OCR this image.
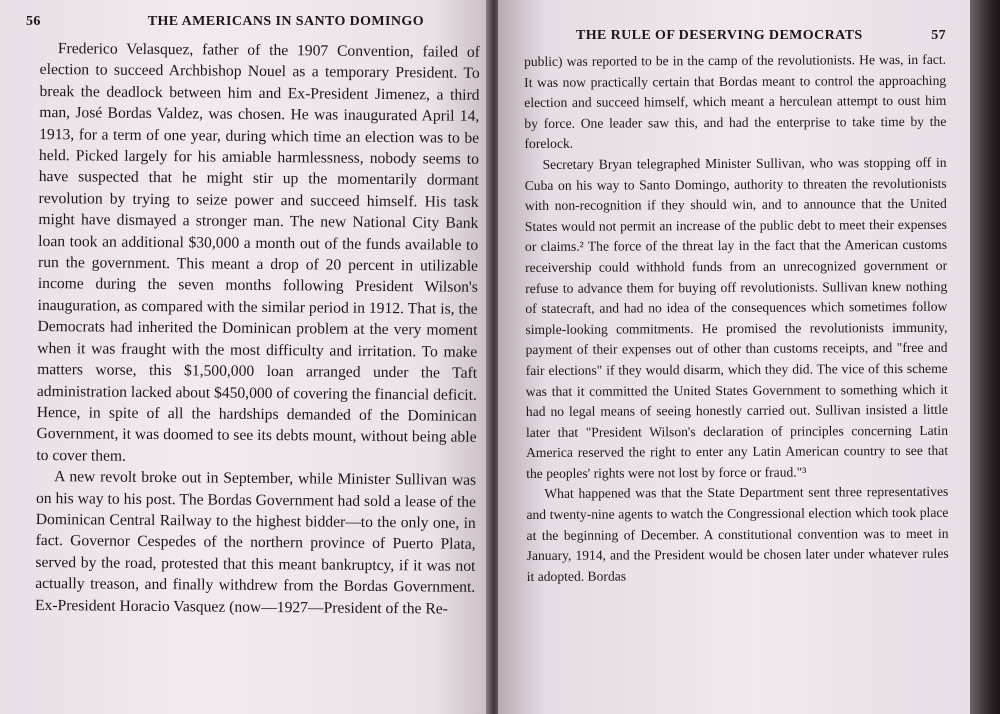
56	THE AMERICANS IN SANTO DOMINGO

Frederico Velasquez, father of the 1907 Convention, failed of election to succeed Archbishop Nouel as a temporary President. To break the deadlock between him and Ex-President Jimenez, a third man, José Bordas Valdez, was chosen. He was inaugurated April 14, 1913, for a term of one year, during which time an election was to be held. Picked largely for his amiable harmlessness, nobody seems to have suspected that he might stir up the momentarily dormant revolution by trying to seize power and succeed himself. His task might have dismayed a stronger man. The new National City Bank loan took an additional $30,000 a month out of the funds available to run the government. This meant a drop of 20 percent in utilizable income during the seven months following President Wilson's inauguration, as compared with the similar period in 1912. That is, the Democrats had inherited the Dominican problem at the very moment when it was fraught with the most difficulty and irritation. To make matters worse, this $1,500,000 loan arranged under the Taft administration lacked about $450,000 of covering the financial deficit. Hence, in spite of all the hardships demanded of the Dominican Government, it was doomed to see its debts mount, without being able to cover them.

A new revolt broke out in September, while Minister Sullivan was on his way to his post. The Bordas Government had sold a lease of the Dominican Central Railway to the highest bidder—to the only one, in fact. Governor Cespedes of the northern province of Puerto Plata, served by the road, protested that this meant bankruptcy, if it was not actually treason, and finally withdrew from the Bordas Government. Ex-President Horacio Vasquez (now—1927—President of the Re-

THE RULE OF DESERVING DEMOCRATS	57

public) was reported to be in the camp of the revolutionists. He was, in fact. It was now practically certain that Bordas meant to control the approaching election and succeed himself, which meant a herculean attempt to oust him by force. One leader saw this, and had the enterprise to take time by the forelock.

Secretary Bryan telegraphed Minister Sullivan, who was stopping off in Cuba on his way to Santo Domingo, authority to threaten the revolutionists with non-recognition if they should win, and to announce that the United States would not permit an increase of the public debt to meet their expenses or claims.² The force of the threat lay in the fact that the American customs receivership could withhold funds from an unrecognized government or refuse to advance them for buying off revolutionists. Sullivan knew nothing of statecraft, and had no idea of the consequences which sometimes follow simple-looking commitments. He promised the revolutionists immunity, payment of their expenses out of other than customs receipts, and "free and fair elections" if they would disarm, which they did. The vice of this scheme was that it committed the United States Government to something which it had no legal means of seeing honestly carried out. Sullivan insisted a little later that "President Wilson's declaration of principles concerning Latin America reserved the right to enter any Latin American country to see that the peoples' rights were not lost by force or fraud."³

What happened was that the State Department sent three representatives and twenty-nine agents to watch the Congressional election which took place at the beginning of December. A constitutional convention was to meet in January, 1914, and the President would be chosen later under whatever rules it adopted. Bordas
